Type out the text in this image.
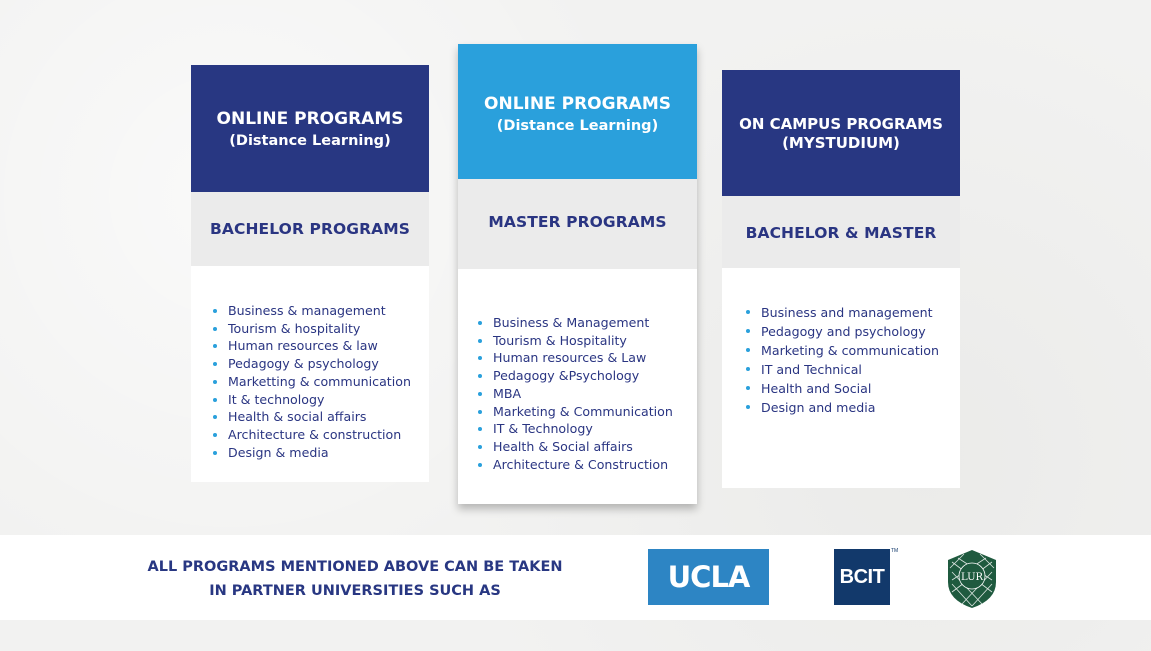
ONLINE PROGRAMS
(Distance Learning)
BACHELOR PROGRAMS
Business & management
Tourism & hospitality
Human resources & law
Pedagogy & psychology
Marketting & communication
It & technology
Health & social affairs
Architecture & construction
Design & media
ONLINE PROGRAMS
(Distance Learning)
MASTER PROGRAMS
Business & Management
Tourism & Hospitality
Human resources & Law
Pedagogy &Psychology
MBA
Marketing & Communication
IT & Technology
Health & Social affairs
Architecture & Construction
ON CAMPUS PROGRAMS
(MYSTUDIUM)
BACHELOR & MASTER
Business and management
Pedagogy and psychology
Marketing & communication
IT and Technical
Health and Social
Design and media
ALL PROGRAMS MENTIONED ABOVE CAN BE TAKEN
IN PARTNER UNIVERSITIES SUCH AS	UCLA	BCIT
TM
LUR
